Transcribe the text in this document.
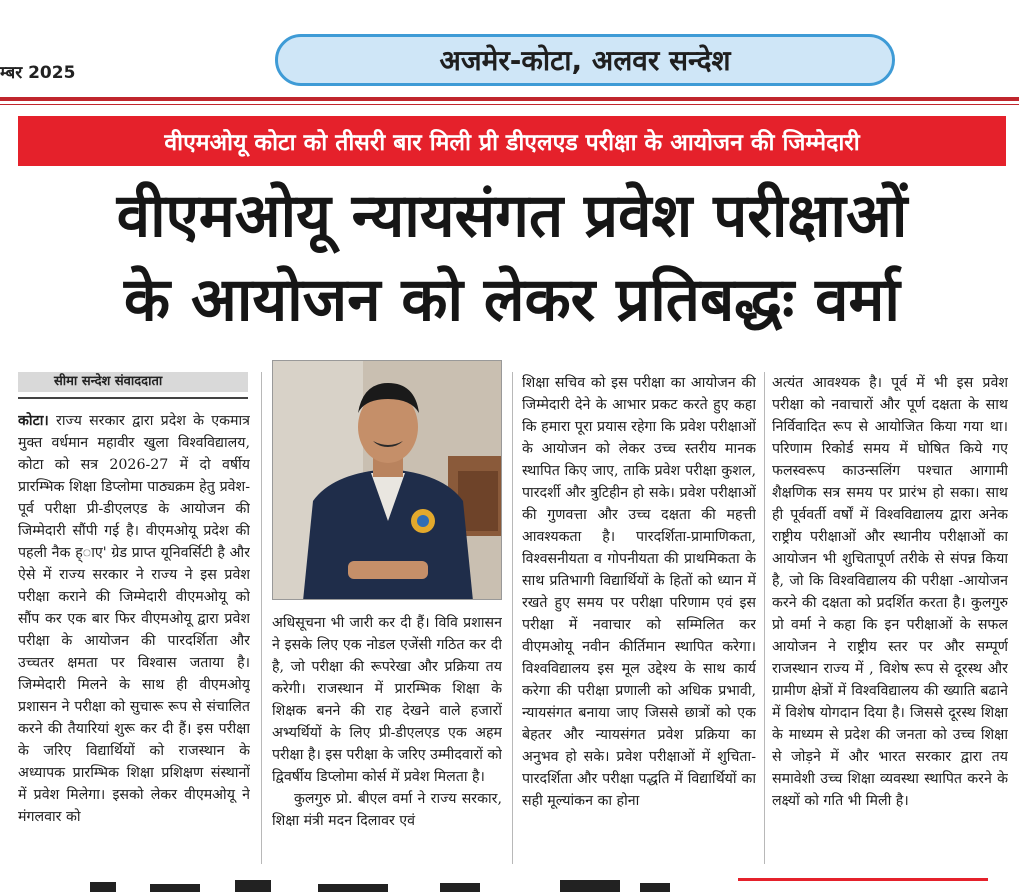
म्बर 2025	अजमेर-कोटा, अलवर सन्देश
वीएमओयू कोटा को तीसरी बार मिली प्री डीएलएड परीक्षा के आयोजन की जिम्मेदारी
वीएमओयू न्यायसंगत प्रवेश परीक्षाओं
के आयोजन को लेकर प्रतिबद्धः वर्मा
सीमा सन्देश संवाददाता

कोटा। राज्य सरकार द्वारा प्रदेश के एकमात्र मुक्त वर्धमान महावीर खुला विश्वविद्यालय, कोटा को सत्र 2026-27 में दो वर्षीय प्रारम्भिक शिक्षा डिप्लोमा पाठ्यक्रम हेतु प्रवेश-पूर्व परीक्षा प्री-डीएलएड के आयोजन की जिम्मेदारी सौंपी गई है। वीएमओयू प्रदेश की पहली नैक ह्ाए' ग्रेड प्राप्त यूनिवर्सिटी है और ऐसे में राज्य सरकार ने राज्य ने इस प्रवेश परीक्षा कराने की जिम्मेदारी वीएमओयू को सौंप कर एक बार फिर वीएमओयू द्वारा प्रवेश परीक्षा के आयोजन की पारदर्शिता और उच्चतर क्षमता पर विश्वास जताया है। जिम्मेदारी मिलने के साथ ही वीएमओयू प्रशासन ने परीक्षा को सुचारू रूप से संचालित करने की तैयारियां शुरू कर दी हैं। इस परीक्षा के जरिए विद्यार्थियों को राजस्थान के अध्यापक प्रारम्भिक शिक्षा प्रशिक्षण संस्थानों में प्रवेश मिलेगा। इसको लेकर वीएमओयू ने मंगलवार को

अधिसूचना भी जारी कर दी हैं। विवि प्रशासन ने इसके लिए एक नोडल एजेंसी गठित कर दी है, जो परीक्षा की रूपरेखा और प्रक्रिया तय करेगी। राजस्थान में प्रारम्भिक शिक्षा के शिक्षक बनने की राह देखने वाले हजारों अभ्यर्थियों के लिए प्री-डीएलएड एक अहम परीक्षा है। इस परीक्षा के जरिए उम्मीदवारों को द्विवर्षीय डिप्लोमा कोर्स में प्रवेश मिलता है।

कुलगुरु प्रो. बीएल वर्मा ने राज्य सरकार, शिक्षा मंत्री मदन दिलावर एवं

शिक्षा सचिव को इस परीक्षा का आयोजन की जिम्मेदारी देने के आभार प्रकट करते हुए कहा कि हमारा पूरा प्रयास रहेगा कि प्रवेश परीक्षाओं के आयोजन को लेकर उच्च स्तरीय मानक स्थापित किए जाए, ताकि प्रवेश परीक्षा कुशल, पारदर्शी और त्रुटिहीन हो सके। प्रवेश परीक्षाओं की गुणवत्ता और उच्च दक्षता की महत्ती आवश्यकता है। पारदर्शिता-प्रामाणिकता, विश्वसनीयता व गोपनीयता की प्राथमिकता के साथ प्रतिभागी विद्यार्थियों के हितों को ध्यान में रखते हुए समय पर परीक्षा परिणाम एवं इस परीक्षा में नवाचार को सम्मिलित कर वीएमओयू नवीन कीर्तिमान स्थापित करेगा। विश्वविद्यालय इस मूल उद्देश्य के साथ कार्य करेगा की परीक्षा प्रणाली को अधिक प्रभावी, न्यायसंगत बनाया जाए जिससे छात्रों को एक बेहतर और न्यायसंगत प्रवेश प्रक्रिया का अनुभव हो सके। प्रवेश परीक्षाओं में शुचिता-पारदर्शिता और परीक्षा पद्धति में विद्यार्थियों का सही मूल्यांकन का होना

अत्यंत आवश्यक है। पूर्व में भी इस प्रवेश परीक्षा को नवाचारों और पूर्ण दक्षता के साथ निर्विवादित रूप से आयोजित किया गया था। परिणाम रिकोर्ड समय में घोषित किये गए फलस्वरूप काउन्सलिंग पश्चात आगामी शैक्षणिक सत्र समय पर प्रारंभ हो सका। साथ ही पूर्ववर्ती वर्षों में विश्वविद्यालय द्वारा अनेक राष्ट्रीय परीक्षाओं और स्थानीय परीक्षाओं का आयोजन भी शुचितापूर्ण तरीके से संपन्न किया है, जो कि विश्वविद्यालय की परीक्षा -आयोजन करने की दक्षता को प्रदर्शित करता है। कुलगुरु प्रो वर्मा ने कहा कि इन परीक्षाओं के सफल आयोजन ने राष्ट्रीय स्तर पर और सम्पूर्ण राजस्थान राज्य में , विशेष रूप से दूरस्थ और ग्रामीण क्षेत्रों में विश्वविद्यालय की ख्याति बढाने में विशेष योगदान दिया है। जिससे दूरस्थ शिक्षा के माध्यम से प्रदेश की जनता को उच्च शिक्षा से जोड़ने में और भारत सरकार द्वारा तय समावेशी उच्च शिक्षा व्यवस्था स्थापित करने के लक्ष्यों को गति भी मिली है।
